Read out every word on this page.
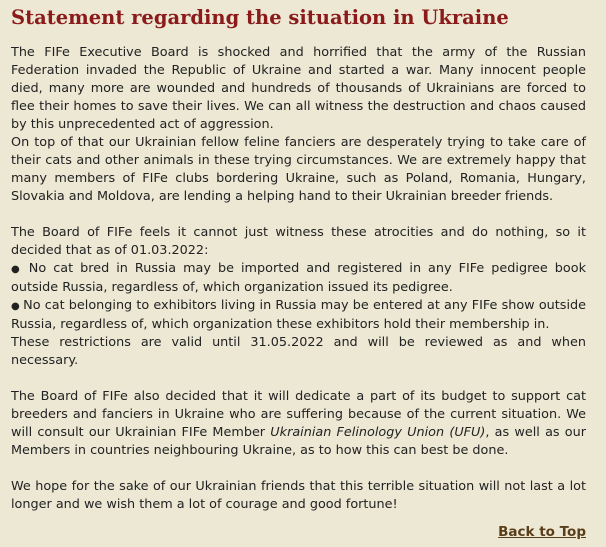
Statement regarding the situation in Ukraine

The FIFe Executive Board is shocked and horrified that the army of the Russian Federation invaded the Republic of Ukraine and started a war. Many innocent people died, many more are wounded and hundreds of thousands of Ukrainians are forced to flee their homes to save their lives. We can all witness the destruction and chaos caused by this unprecedented act of aggression.

On top of that our Ukrainian fellow feline fanciers are desperately trying to take care of their cats and other animals in these trying circumstances. We are extremely happy that many members of FIFe clubs bordering Ukraine, such as Poland, Romania, Hungary, Slovakia and Moldova, are lending a helping hand to their Ukrainian breeder friends.

The Board of FIFe feels it cannot just witness these atrocities and do nothing, so it decided that as of 01.03.2022:

● No cat bred in Russia may be imported and registered in any FIFe pedigree book outside Russia, regardless of, which organization issued its pedigree.

● No cat belonging to exhibitors living in Russia may be entered at any FIFe show outside Russia, regardless of, which organization these exhibitors hold their membership in.

These restrictions are valid until 31.05.2022 and will be reviewed as and when necessary.

The Board of FIFe also decided that it will dedicate a part of its budget to support cat breeders and fanciers in Ukraine who are suffering because of the current situation. We will consult our Ukrainian FIFe Member Ukrainian Felinology Union (UFU), as well as our Members in countries neighbouring Ukraine, as to how this can best be done.

We hope for the sake of our Ukrainian friends that this terrible situation will not last a lot longer and we wish them a lot of courage and good fortune!

Back to Top
